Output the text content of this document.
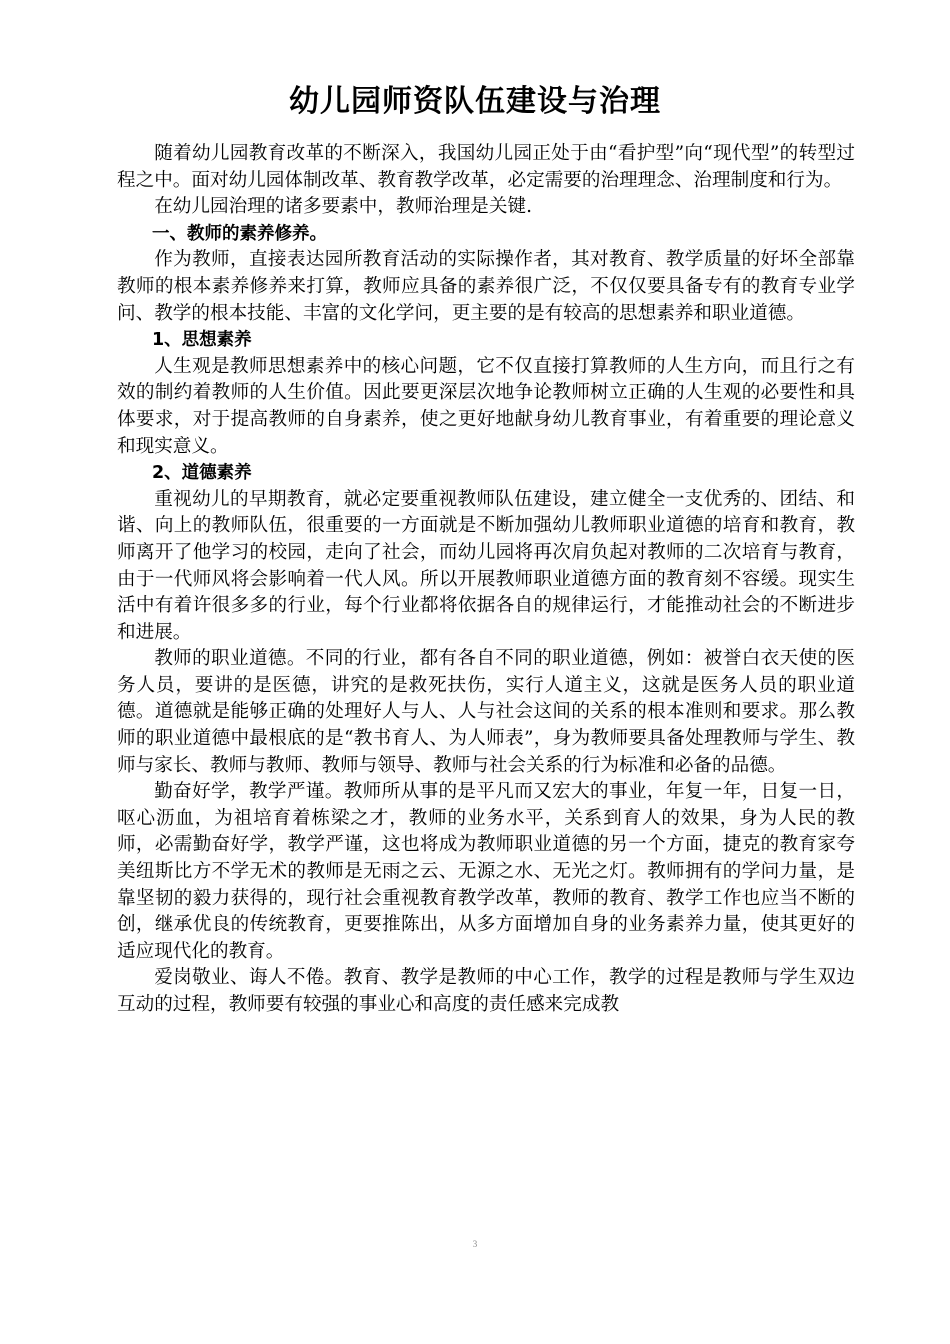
幼儿园师资队伍建设与治理

随着幼儿园教育改革的不断深入，我国幼儿园正处于由“看护型”向“现代型”的转型过程之中。面对幼儿园体制改革、教育教学改革，必定需要的治理理念、治理制度和行为。

在幼儿园治理的诸多要素中，教师治理是关键.

一、教师的素养修养。

作为教师，直接表达园所教育活动的实际操作者，其对教育、教学质量的好坏全部靠教师的根本素养修养来打算，教师应具备的素养很广泛，不仅仅要具备专有的教育专业学问、教学的根本技能、丰富的文化学问，更主要的是有较高的思想素养和职业道德。

1、思想素养

人生观是教师思想素养中的核心问题，它不仅直接打算教师的人生方向，而且行之有效的制约着教师的人生价值。因此要更深层次地争论教师树立正确的人生观的必要性和具体要求，对于提高教师的自身素养，使之更好地献身幼儿教育事业，有着重要的理论意义和现实意义。

2、道德素养

重视幼儿的早期教育，就必定要重视教师队伍建设，建立健全一支优秀的、团结、和谐、向上的教师队伍，很重要的一方面就是不断加强幼儿教师职业道德的培育和教育，教师离开了他学习的校园，走向了社会，而幼儿园将再次肩负起对教师的二次培育与教育，由于一代师风将会影响着一代人风。所以开展教师职业道德方面的教育刻不容缓。现实生活中有着许很多多的行业，每个行业都将依据各自的规律运行，才能推动社会的不断进步和进展。

教师的职业道德。不同的行业，都有各自不同的职业道德，例如：被誉白衣天使的医务人员，要讲的是医德，讲究的是救死扶伤，实行人道主义，这就是医务人员的职业道德。道德就是能够正确的处理好人与人、人与社会这间的关系的根本准则和要求。那么教师的职业道德中最根底的是“教书育人、为人师表”，身为教师要具备处理教师与学生、教师与家长、教师与教师、教师与领导、教师与社会关系的行为标准和必备的品德。

勤奋好学，教学严谨。教师所从事的是平凡而又宏大的事业，年复一年，日复一日，呕心沥血，为祖培育着栋梁之才，教师的业务水平，关系到育人的效果，身为人民的教师，必需勤奋好学，教学严谨，这也将成为教师职业道德的另一个方面，捷克的教育家夸美纽斯比方不学无术的教师是无雨之云、无源之水、无光之灯。教师拥有的学问力量，是靠坚韧的毅力获得的，现行社会重视教育教学改革，教师的教育、教学工作也应当不断的创，继承优良的传统教育，更要推陈出，从多方面增加自身的业务素养力量，使其更好的适应现代化的教育。

爱岗敬业、诲人不倦。教育、教学是教师的中心工作，教学的过程是教师与学生双边互动的过程，教师要有较强的事业心和高度的责任感来完成教

3
